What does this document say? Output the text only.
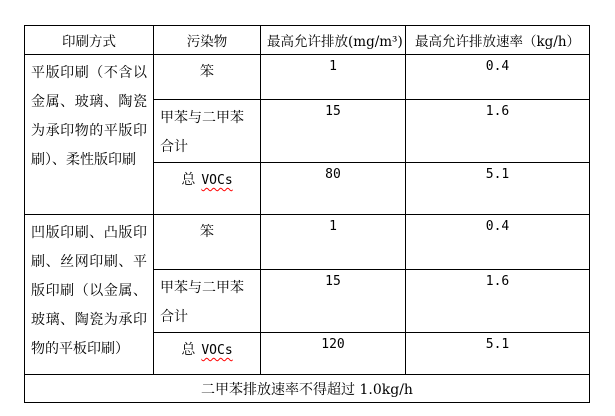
印刷方式	污染物	最高允许排放(mg/m³)	最高允许排放速率（kg/h）
平版印刷（不含以金属、玻璃、陶瓷为承印物的平版印刷）、柔性版印刷	笨	1	0.4
	甲苯与二甲苯合计	15	1.6
	总 VOCs	80	5.1
凹版印刷、凸版印刷、丝网印刷、平版印刷（以金属、玻璃、陶瓷为承印物的平板印刷）	笨	1	0.4
	甲苯与二甲苯合计	15	1.6
	总 VOCs	120	5.1
二甲苯排放速率不得超过 1.0kg/h			
